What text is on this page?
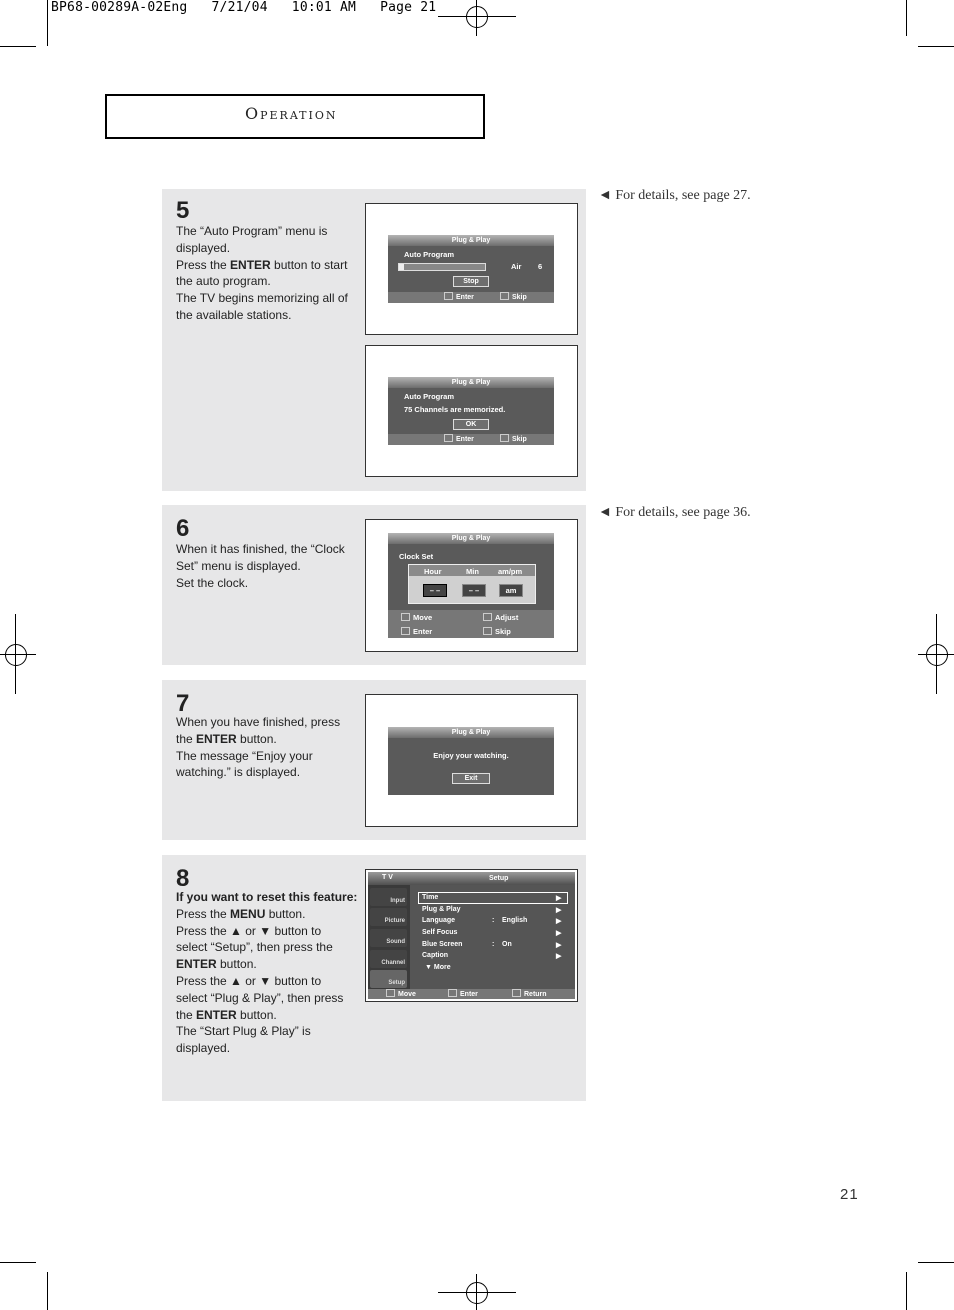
BP68-00289A-02Eng   7/21/04   10:01 AM   Page 21
Operation
◄ For details, see page 27.
◄ For details, see page 36.
5
The “Auto Program” menu is
displayed.
Press the ENTER button to start
the auto program.
The TV begins memorizing all of
the available stations.
Plug & Play
Auto Program
Air 6
Stop
Enter	Skip
Plug & Play
Auto Program
75 Channels are memorized.
OK
Enter	Skip
6
When it has finished, the “Clock
Set” menu is displayed.
Set the clock.
Plug & Play
Clock Set
Hour	Min	am/pm
– –	– –	am
Move	Adjust
Enter	Skip
7
When you have finished, press
the ENTER button.
The message “Enjoy your
watching.” is displayed.
Plug & Play
Enjoy your watching.
Exit
8
If you want to reset this feature:
Press the MENU button.
Press the ▲ or ▼ button to
select “Setup”, then press the
ENTER button.
Press the ▲ or ▼ button to
select “Plug & Play”, then press
the ENTER button.
The “Start Plug & Play” is
displayed.
T V	Setup
Input
Picture
Sound
Channel
Setup
Time
Plug & Play
Language	: English
Self Focus
Blue Screen	: On
Caption
▼ More
▶
▶
▶
▶
▶
▶
Move	Enter	Return
21
